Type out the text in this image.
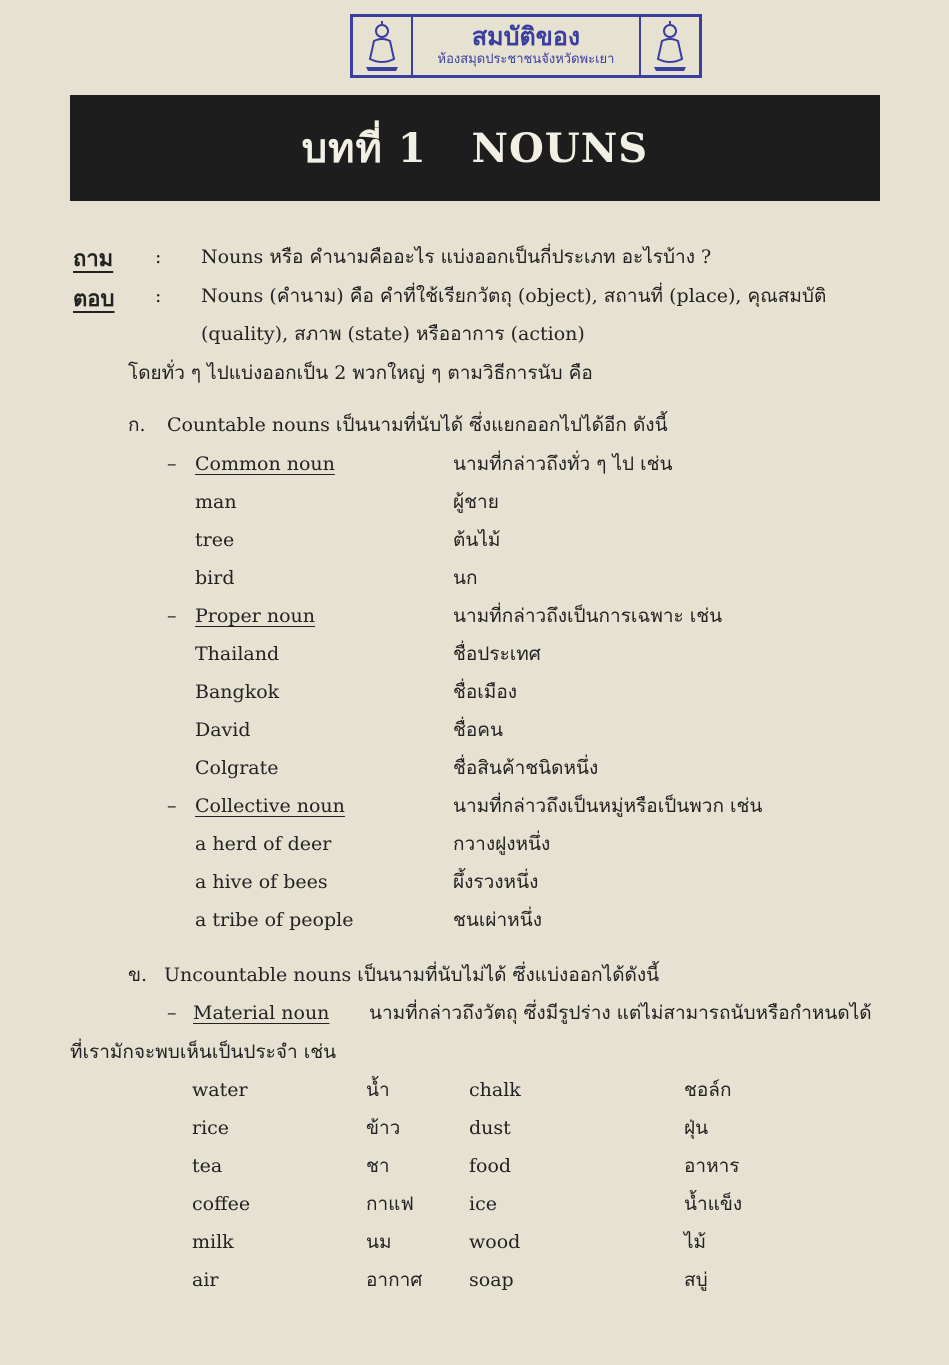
สมบัติของ
ห้องสมุดประชาชนจังหวัดพะเยา
บทที่ 1
NOUNS
ถาม : Nouns หรือ คำนามคืออะไร แบ่งออกเป็นกี่ประเภท อะไรบ้าง ?
ตอบ : Nouns (คำนาม) คือ คำที่ใช้เรียกวัตถุ (object), สถานที่ (place), คุณสมบัติ
(quality), สภาพ (state) หรืออาการ (action)
โดยทั่ว ๆ ไปแบ่งออกเป็น 2 พวกใหญ่ ๆ ตามวิธีการนับ คือ
ก. Countable nouns เป็นนามที่นับได้ ซึ่งแยกออกไปได้อีก ดังนี้
– Common noun	นามที่กล่าวถึงทั่ว ๆ ไป เช่น
man	ผู้ชาย
tree	ต้นไม้
bird	นก
– Proper noun	นามที่กล่าวถึงเป็นการเฉพาะ เช่น
Thailand	ชื่อประเทศ
Bangkok	ชื่อเมือง
David	ชื่อคน
Colgrate	ชื่อสินค้าชนิดหนึ่ง
– Collective noun	นามที่กล่าวถึงเป็นหมู่หรือเป็นพวก เช่น
a herd of deer	กวางฝูงหนึ่ง
a hive of bees	ผึ้งรวงหนึ่ง
a tribe of people	ชนเผ่าหนึ่ง
ข. Uncountable nouns เป็นนามที่นับไม่ได้ ซึ่งแบ่งออกได้ดังนี้
– Material noun นามที่กล่าวถึงวัตถุ ซึ่งมีรูปร่าง แต่ไม่สามารถนับหรือกำหนดได้
ที่เรามักจะพบเห็นเป็นประจำ เช่น
water	น้ำ	chalk	ชอล์ก
rice	ข้าว	dust	ฝุ่น
tea	ชา	food	อาหาร
coffee	กาแฟ	ice	น้ำแข็ง
milk	นม	wood	ไม้
air	อากาศ soap	สบู่
